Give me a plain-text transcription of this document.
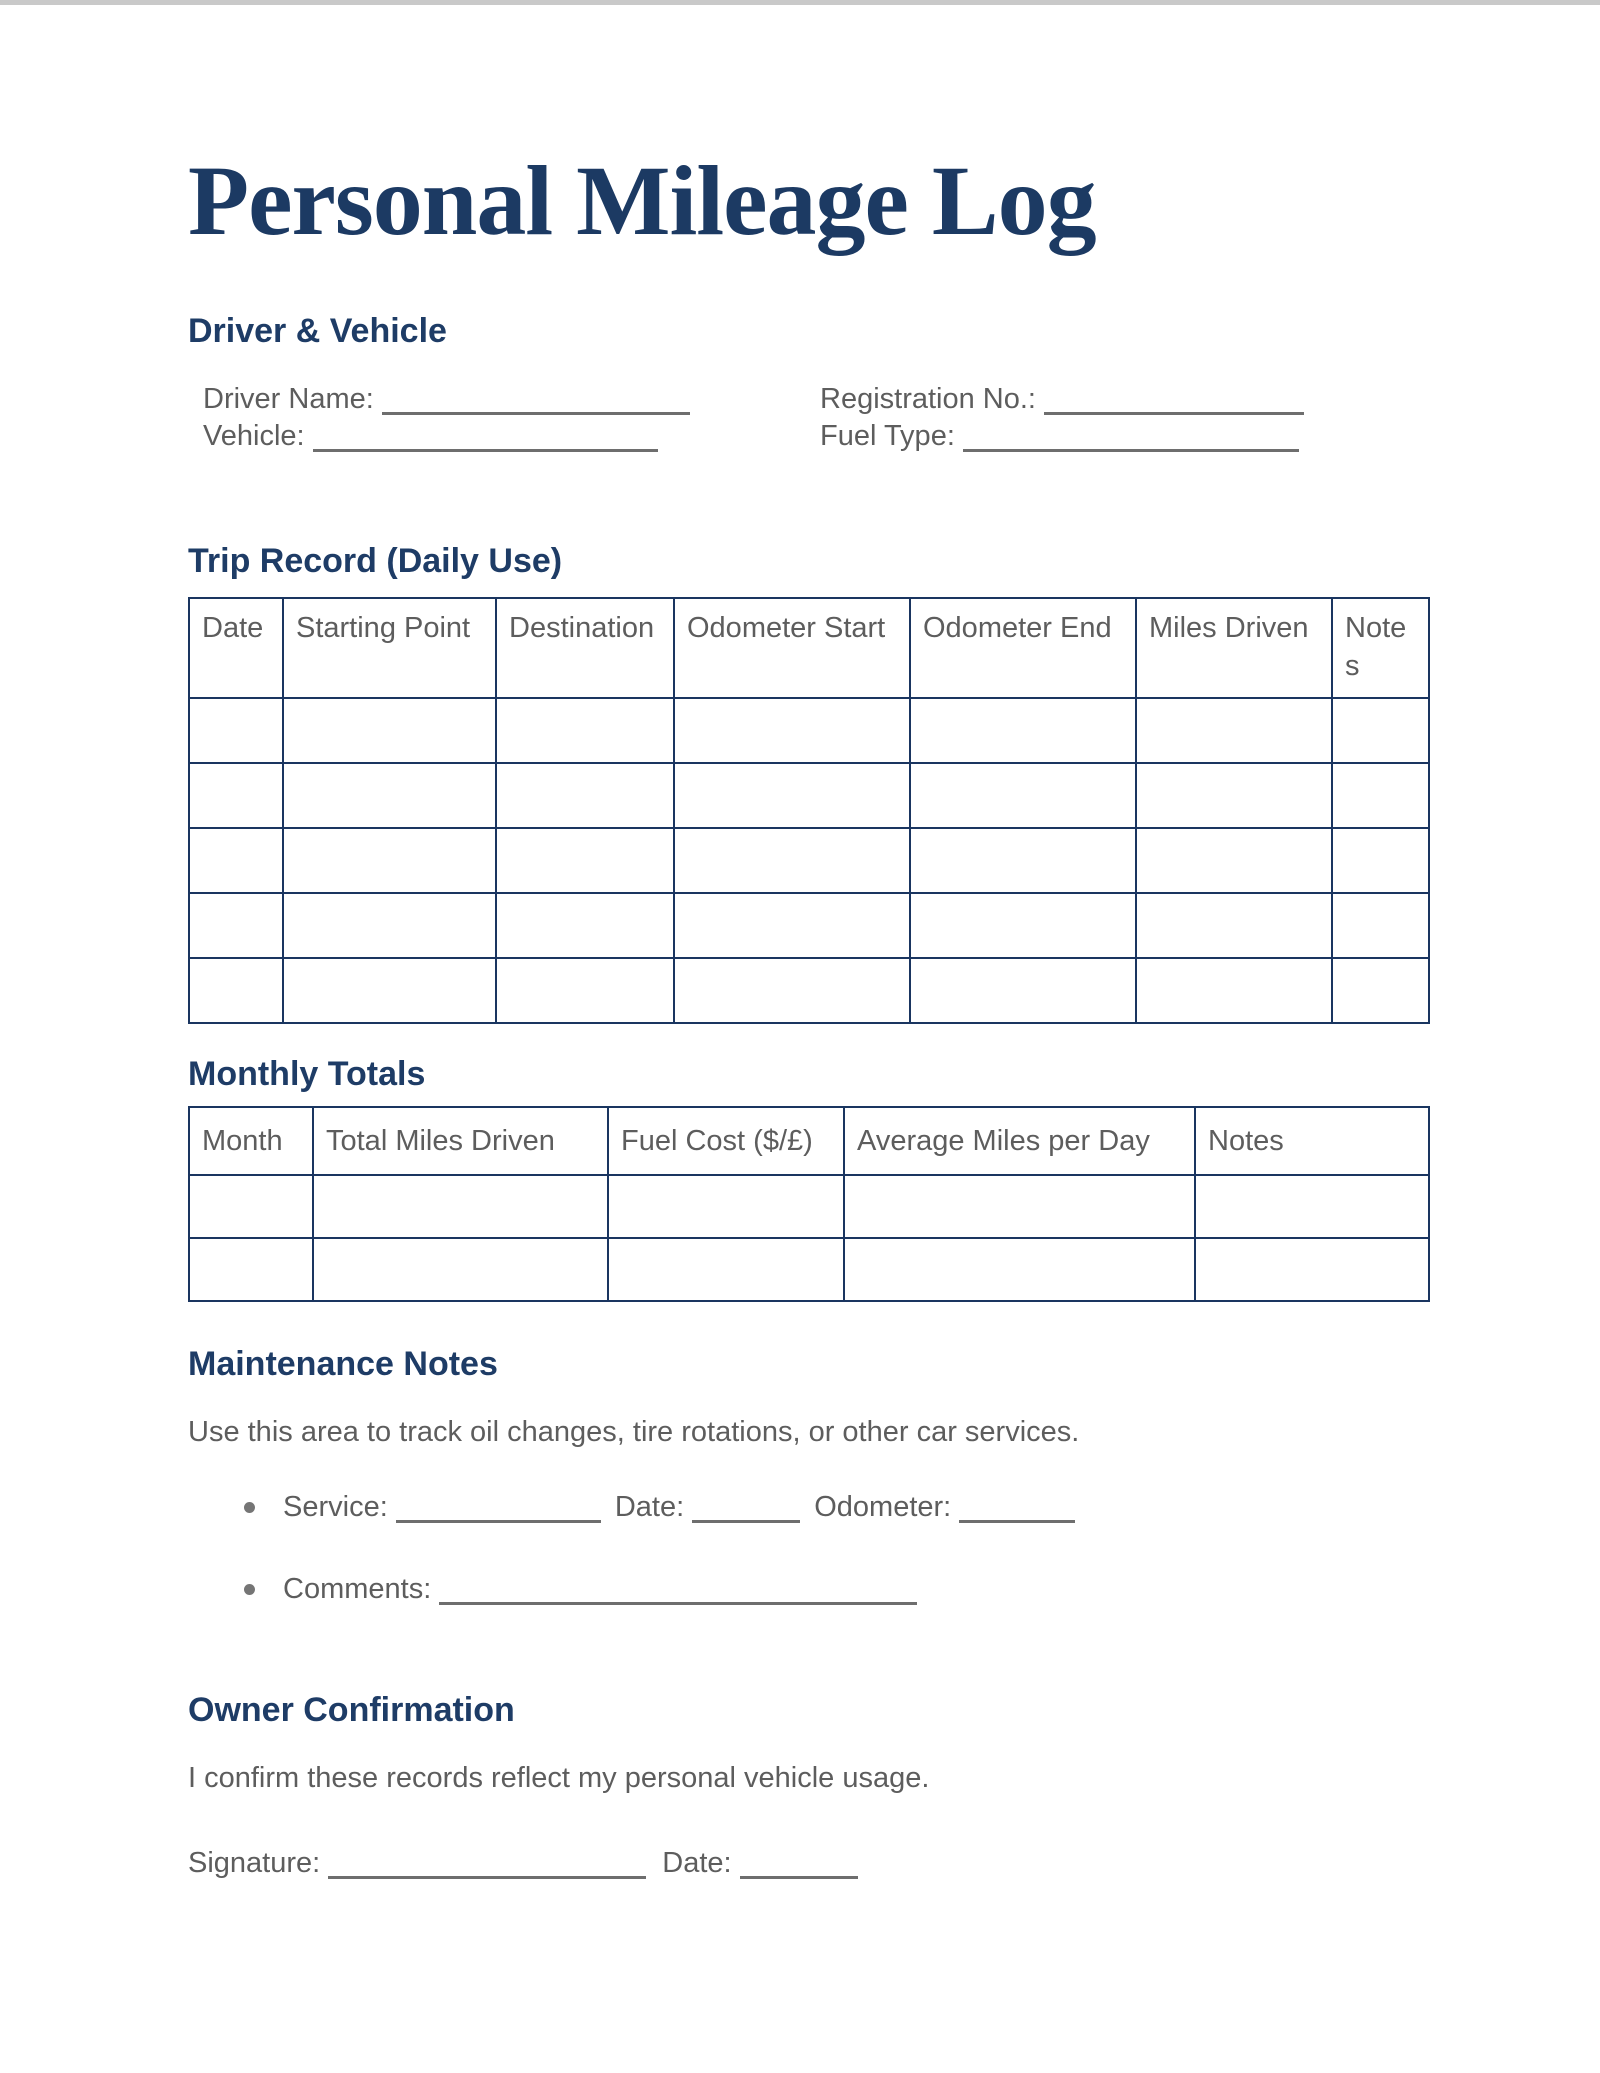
Personal Mileage Log
Driver & Vehicle
Driver Name:	Registration No.:
Vehicle:	Fuel Type:
Trip Record (Daily Use)
Date	Starting Point	Destination	Odometer Start	Odometer End	Miles Driven	Notes

Monthly Totals
Month	Total Miles Driven	Fuel Cost ($/£)	Average Miles per Day	Notes

Maintenance Notes

Use this area to track oil changes, tire rotations, or other car services.

Service:	Date:	Odometer:
Comments:
Owner Confirmation

I confirm these records reflect my personal vehicle usage.

Signature:	Date:
